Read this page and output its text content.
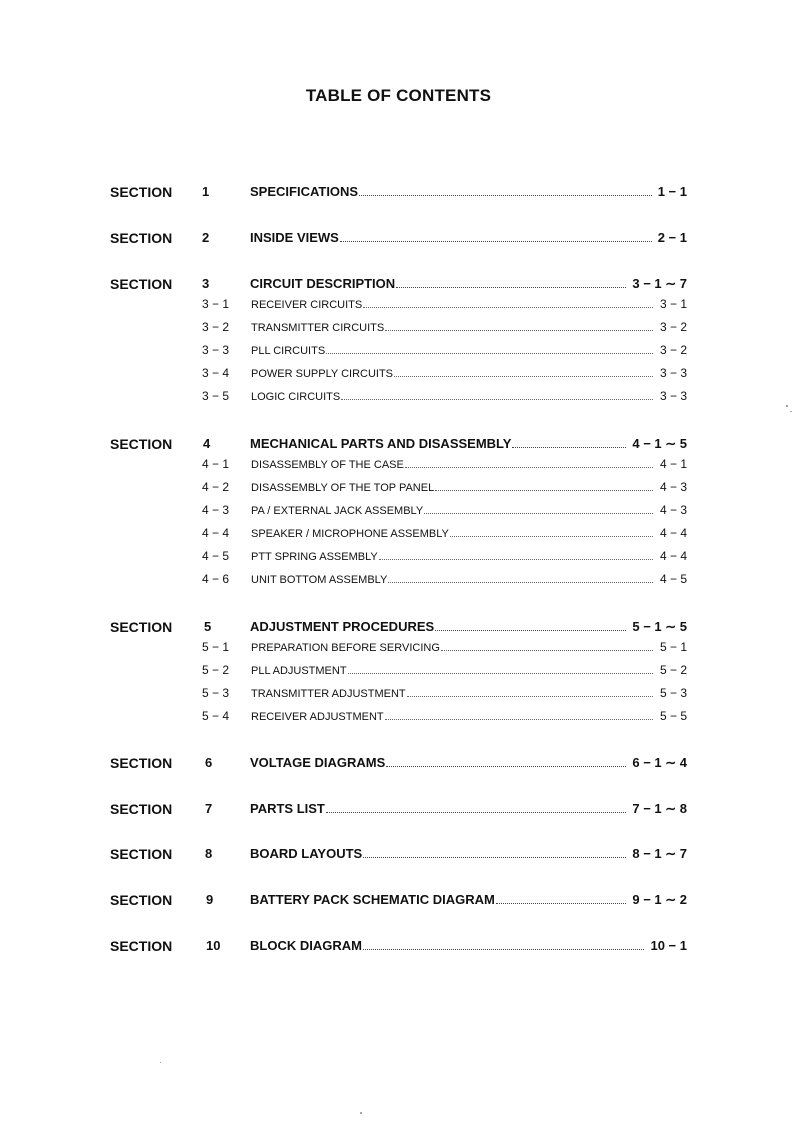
TABLE OF CONTENTS
SECTION 1	SPECIFICATIONS	1 − 1
SECTION 2	INSIDE VIEWS	2 − 1
SECTION 3	CIRCUIT DESCRIPTION	3 − 1 ∼ 7
3 − 1 RECEIVER CIRCUITS	3 − 1
3 − 2 TRANSMITTER CIRCUITS	3 − 2
3 − 3 PLL CIRCUITS	3 − 2
3 − 4 POWER SUPPLY CIRCUITS	3 − 3
3 − 5 LOGIC CIRCUITS	3 − 3
SECTION 4	MECHANICAL PARTS AND DISASSEMBLY	4 − 1 ∼ 5
4 − 1 DISASSEMBLY OF THE CASE	4 − 1
4 − 2 DISASSEMBLY OF THE TOP PANEL	4 − 3
4 − 3 PA / EXTERNAL JACK ASSEMBLY	4 − 3
4 − 4 SPEAKER / MICROPHONE ASSEMBLY	4 − 4
4 − 5 PTT SPRING ASSEMBLY	4 − 4
4 − 6 UNIT BOTTOM ASSEMBLY	4 − 5
SECTION 5	ADJUSTMENT PROCEDURES	5 − 1 ∼ 5
5 − 1 PREPARATION BEFORE SERVICING	5 − 1
5 − 2 PLL ADJUSTMENT	5 − 2
5 − 3 TRANSMITTER ADJUSTMENT	5 − 3
5 − 4 RECEIVER ADJUSTMENT	5 − 5
SECTION	6	VOLTAGE DIAGRAMS	6 − 1 ∼ 4
SECTION	7	PARTS LIST	7 − 1 ∼ 8
SECTION	8	BOARD LAYOUTS	8 − 1 ∼ 7
SECTION	9	BATTERY PACK SCHEMATIC DIAGRAM	9 − 1 ∼ 2
SECTION	10 BLOCK DIAGRAM	10 − 1
